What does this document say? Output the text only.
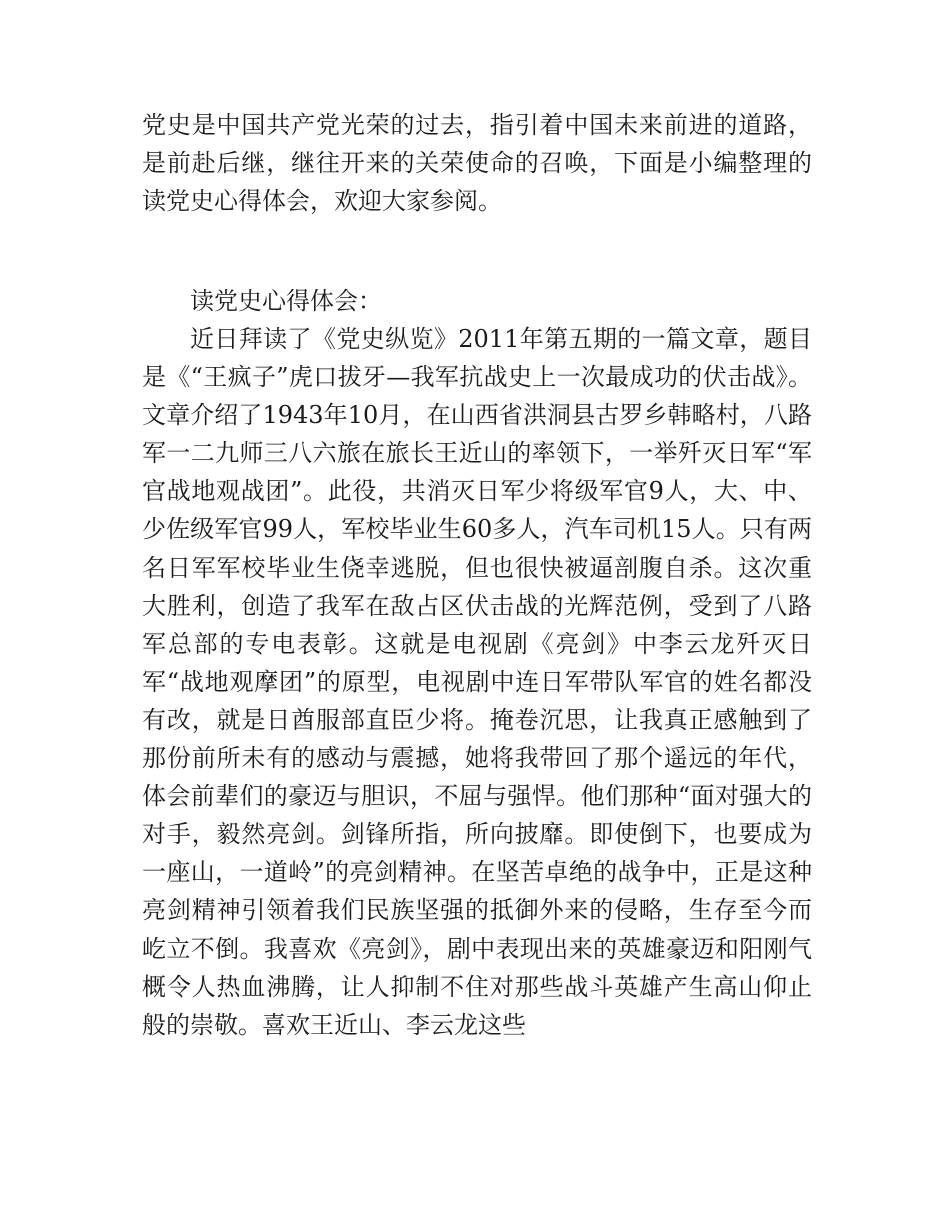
党史是中国共产党光荣的过去，指引着中国未来前进的道路，是前赴后继，继往开来的关荣使命的召唤，下面是小编整理的读党史心得体会，欢迎大家参阅。

读党史心得体会：

近日拜读了《党史纵览》2011年第五期的一篇文章，题目是《“王疯子”虎口拔牙—我军抗战史上一次最成功的伏击战》。文章介绍了1943年10月，在山西省洪洞县古罗乡韩略村，八路军一二九师三八六旅在旅长王近山的率领下，一举歼灭日军“军官战地观战团”。此役，共消灭日军少将级军官9人，大、中、少佐级军官99人，军校毕业生60多人，汽车司机15人。只有两名日军军校毕业生侥幸逃脱，但也很快被逼剖腹自杀。这次重大胜利，创造了我军在敌占区伏击战的光辉范例，受到了八路军总部的专电表彰。这就是电视剧《亮剑》中李云龙歼灭日军“战地观摩团”的原型，电视剧中连日军带队军官的姓名都没有改，就是日酋服部直臣少将。掩卷沉思，让我真正感触到了那份前所未有的感动与震撼，她将我带回了那个遥远的年代，体会前辈们的豪迈与胆识，不屈与强悍。他们那种“面对强大的对手，毅然亮剑。剑锋所指，所向披靡。即使倒下，也要成为一座山，一道岭”的亮剑精神。在坚苦卓绝的战争中，正是这种亮剑精神引领着我们民族坚强的抵御外来的侵略，生存至今而屹立不倒。我喜欢《亮剑》，剧中表现出来的英雄豪迈和阳刚气概令人热血沸腾，让人抑制不住对那些战斗英雄产生高山仰止般的崇敬。喜欢王近山、李云龙这些
